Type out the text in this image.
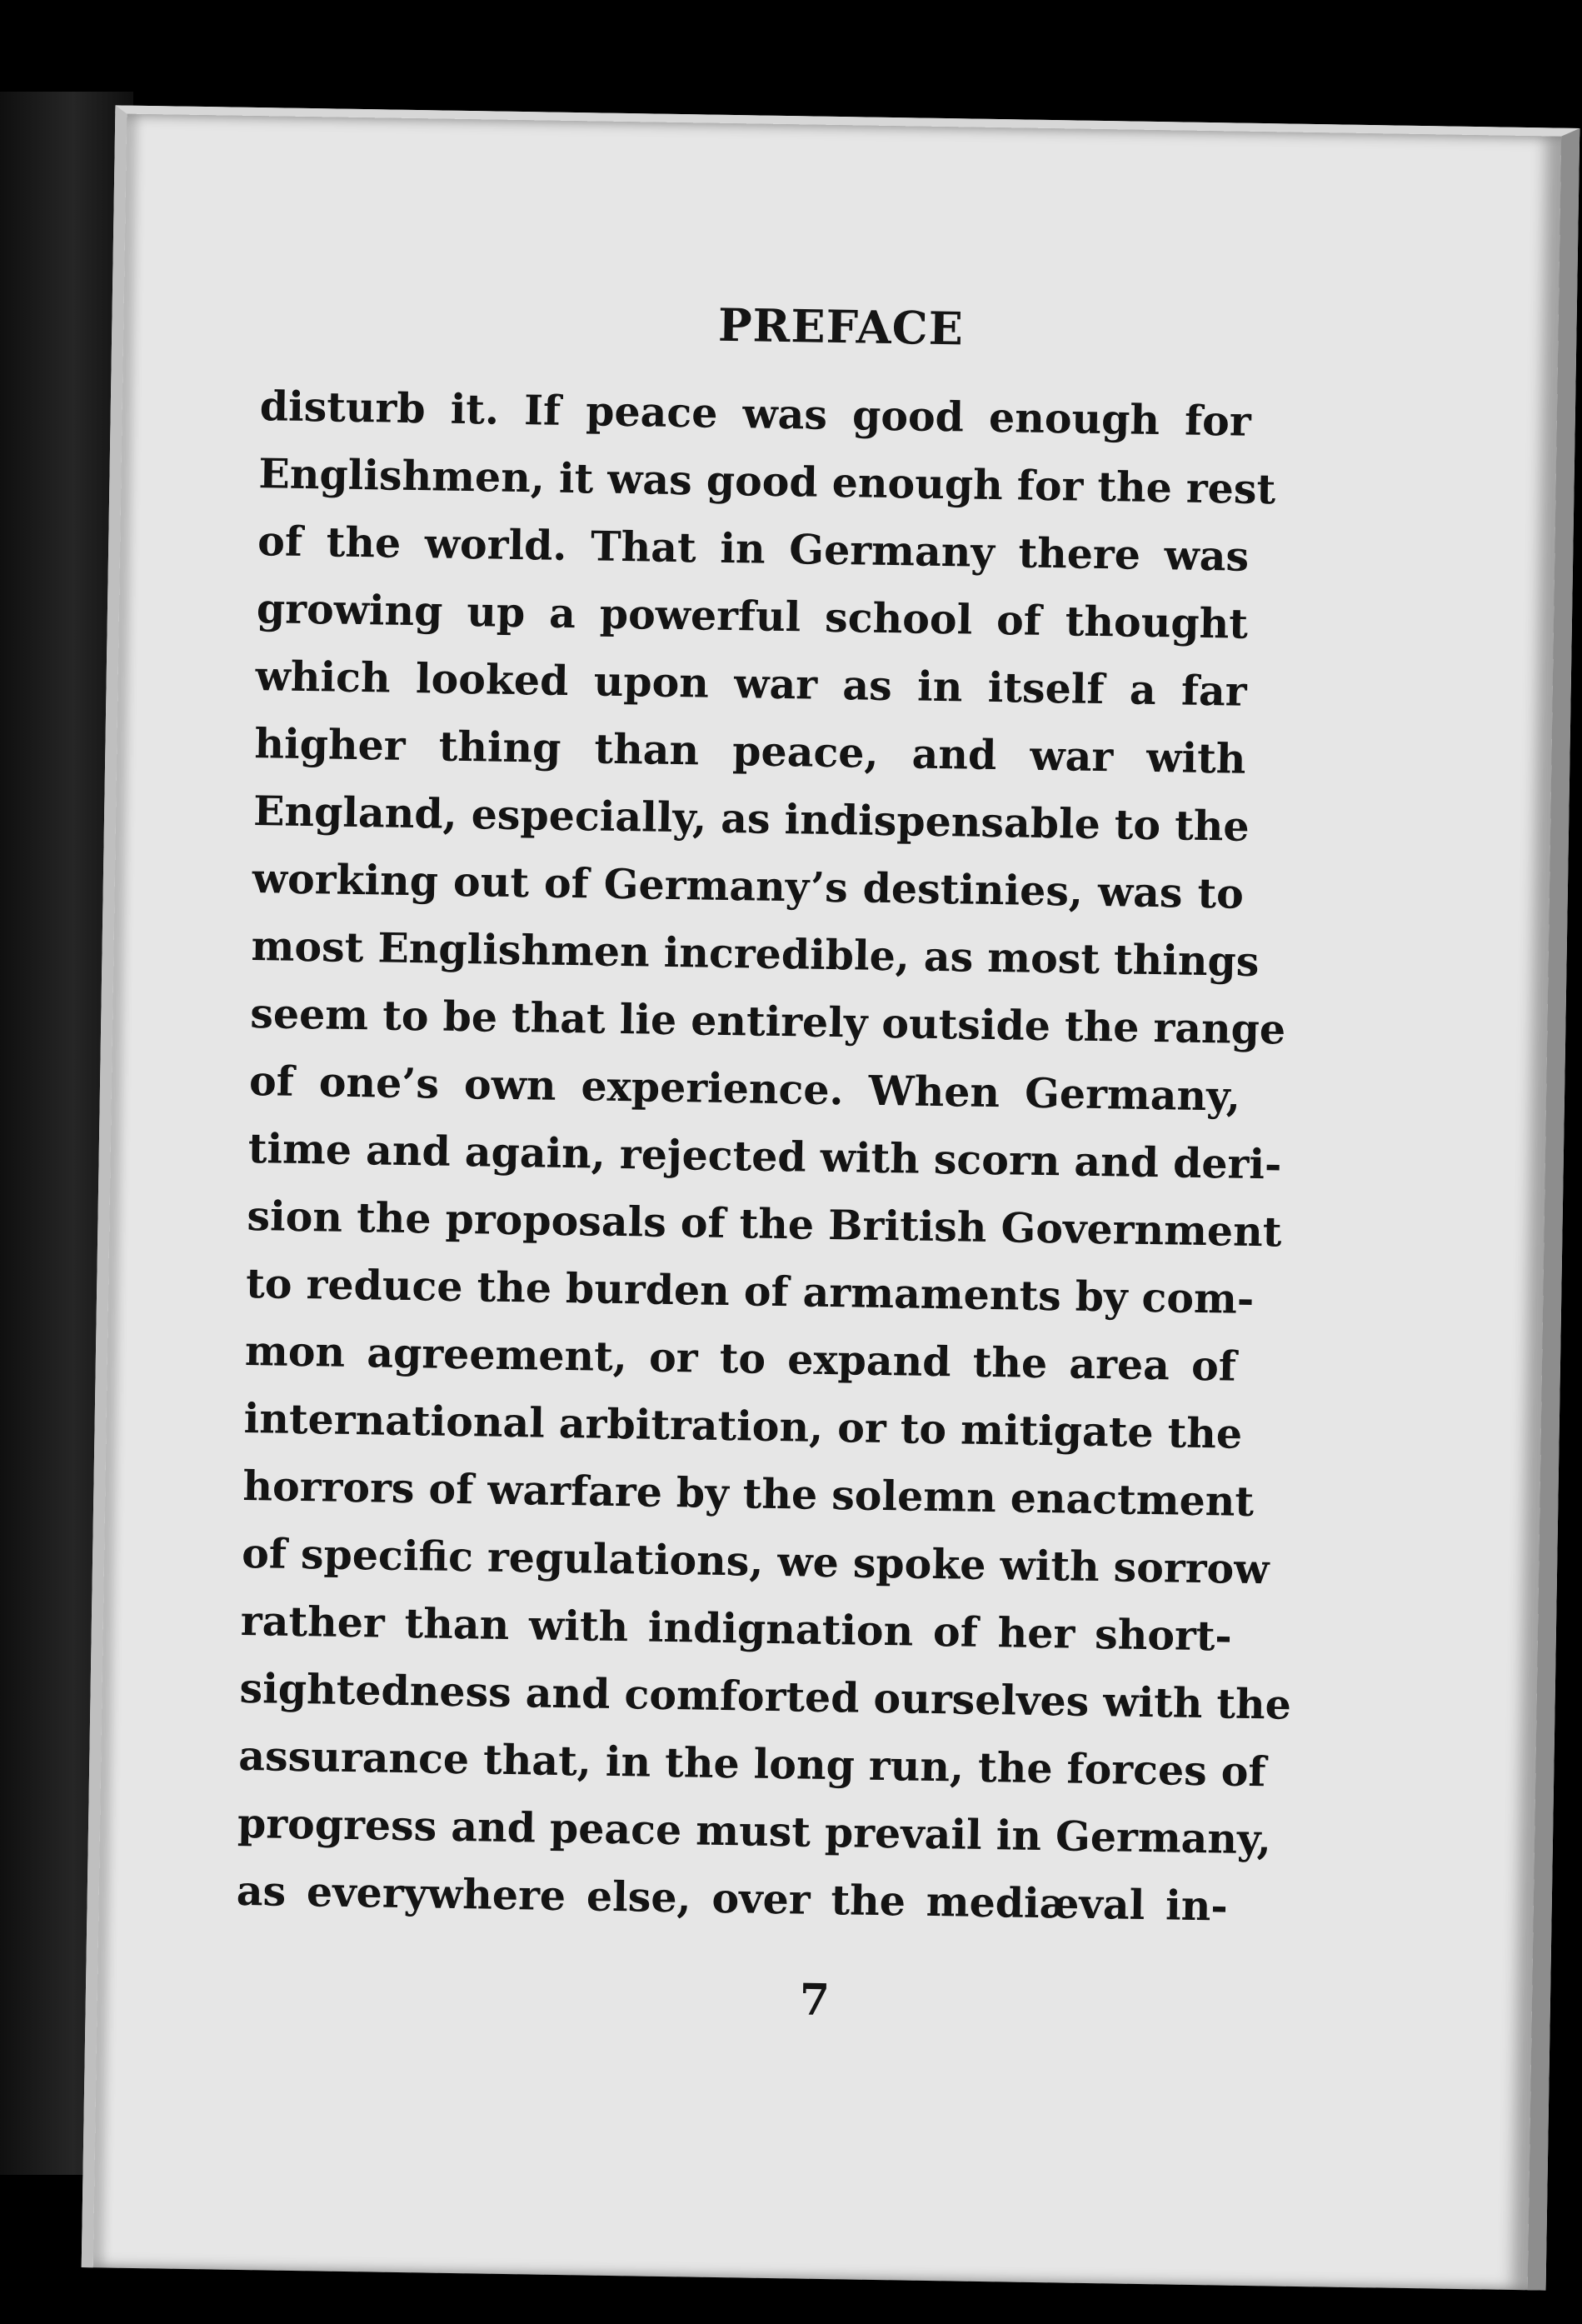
PREFACE
disturb it. If peace was good enough for
Englishmen, it was good enough for the rest
of the world. That in Germany there was
growing up a powerful school of thought
which looked upon war as in itself a far
higher thing than peace, and war with
England, especially, as indispensable to the
working out of Germany’s destinies, was to
most Englishmen incredible, as most things
seem to be that lie entirely outside the range
of one’s own experience. When Germany,
time and again, rejected with scorn and deri-
sion the proposals of the British Government
to reduce the burden of armaments by com-
mon agreement, or to expand the area of
international arbitration, or to mitigate the
horrors of warfare by the solemn enactment
of specific regulations, we spoke with sorrow
rather than with indignation of her short-
sightedness and comforted ourselves with the
assurance that, in the long run, the forces of
progress and peace must prevail in Germany,
as everywhere else, over the mediæval in-
7
